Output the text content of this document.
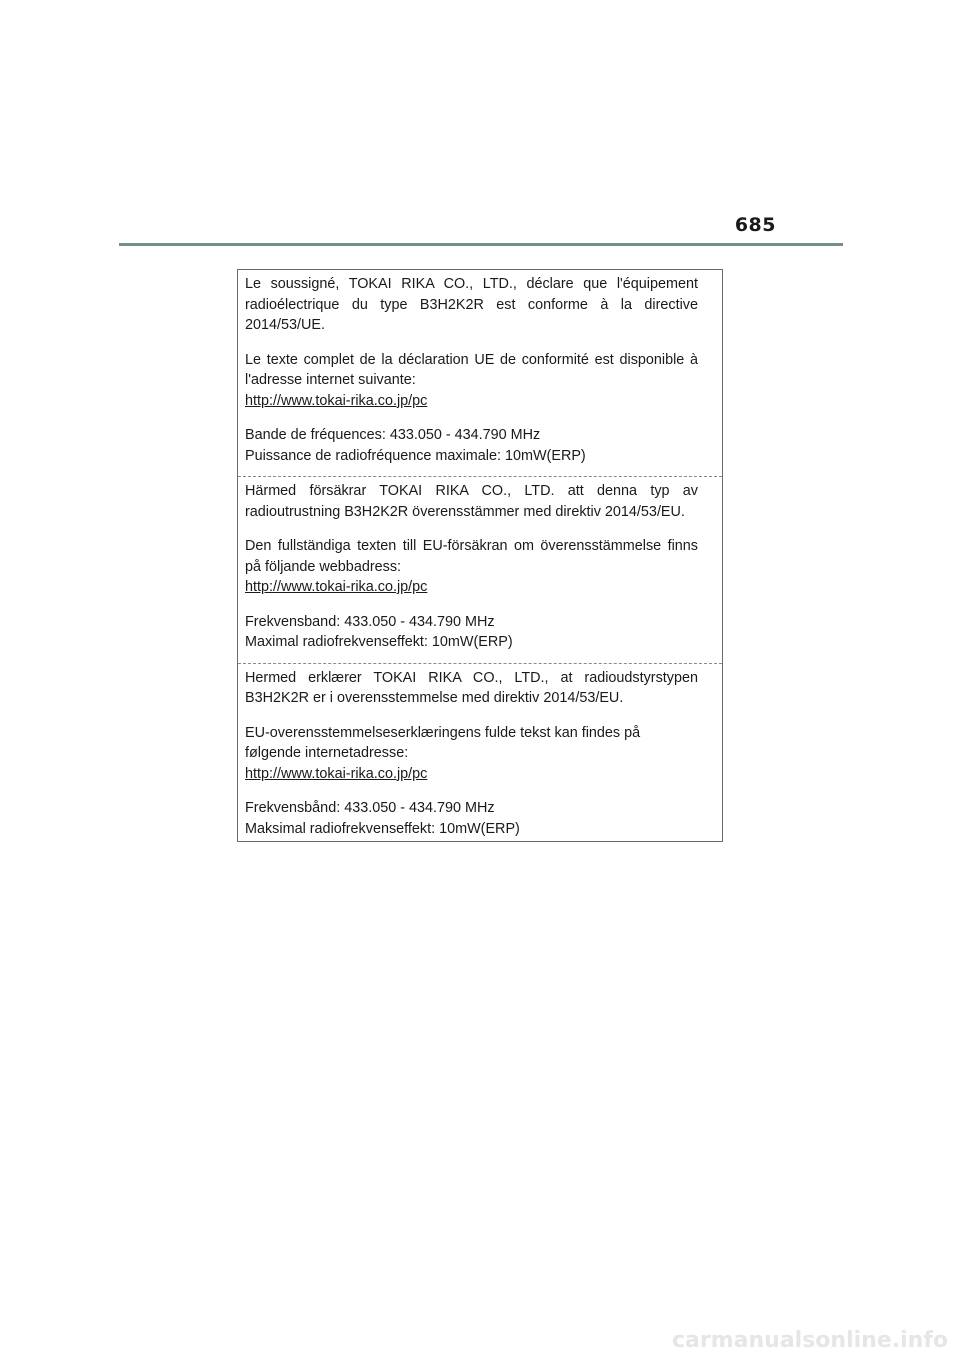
685

Le soussigné, TOKAI RIKA CO., LTD., déclare que l'équipement radioélectrique du type B3H2K2R est conforme à la directive 2014/53/UE.

Le texte complet de la déclaration UE de conformité est disponible à l'adresse internet suivante:

http://www.tokai-rika.co.jp/pc

Bande de fréquences: 433.050 - 434.790 MHz

Puissance de radiofréquence maximale: 10mW(ERP)

Härmed försäkrar TOKAI RIKA CO., LTD. att denna typ av radioutrustning B3H2K2R överensstämmer med direktiv 2014/53/EU.

Den fullständiga texten till EU-försäkran om överensstämmelse finns på följande webbadress:

http://www.tokai-rika.co.jp/pc

Frekvensband: 433.050 - 434.790 MHz

Maximal radiofrekvenseffekt: 10mW(ERP)

Hermed erklærer TOKAI RIKA CO., LTD., at radioudstyrstypen B3H2K2R er i overensstemmelse med direktiv 2014/53/EU.

EU-overensstemmelseserklæringens fulde tekst kan findes på

følgende internetadresse:

http://www.tokai-rika.co.jp/pc

Frekvensbånd: 433.050 - 434.790 MHz

Maksimal radiofrekvenseffekt: 10mW(ERP)

carmanualsonline.info
